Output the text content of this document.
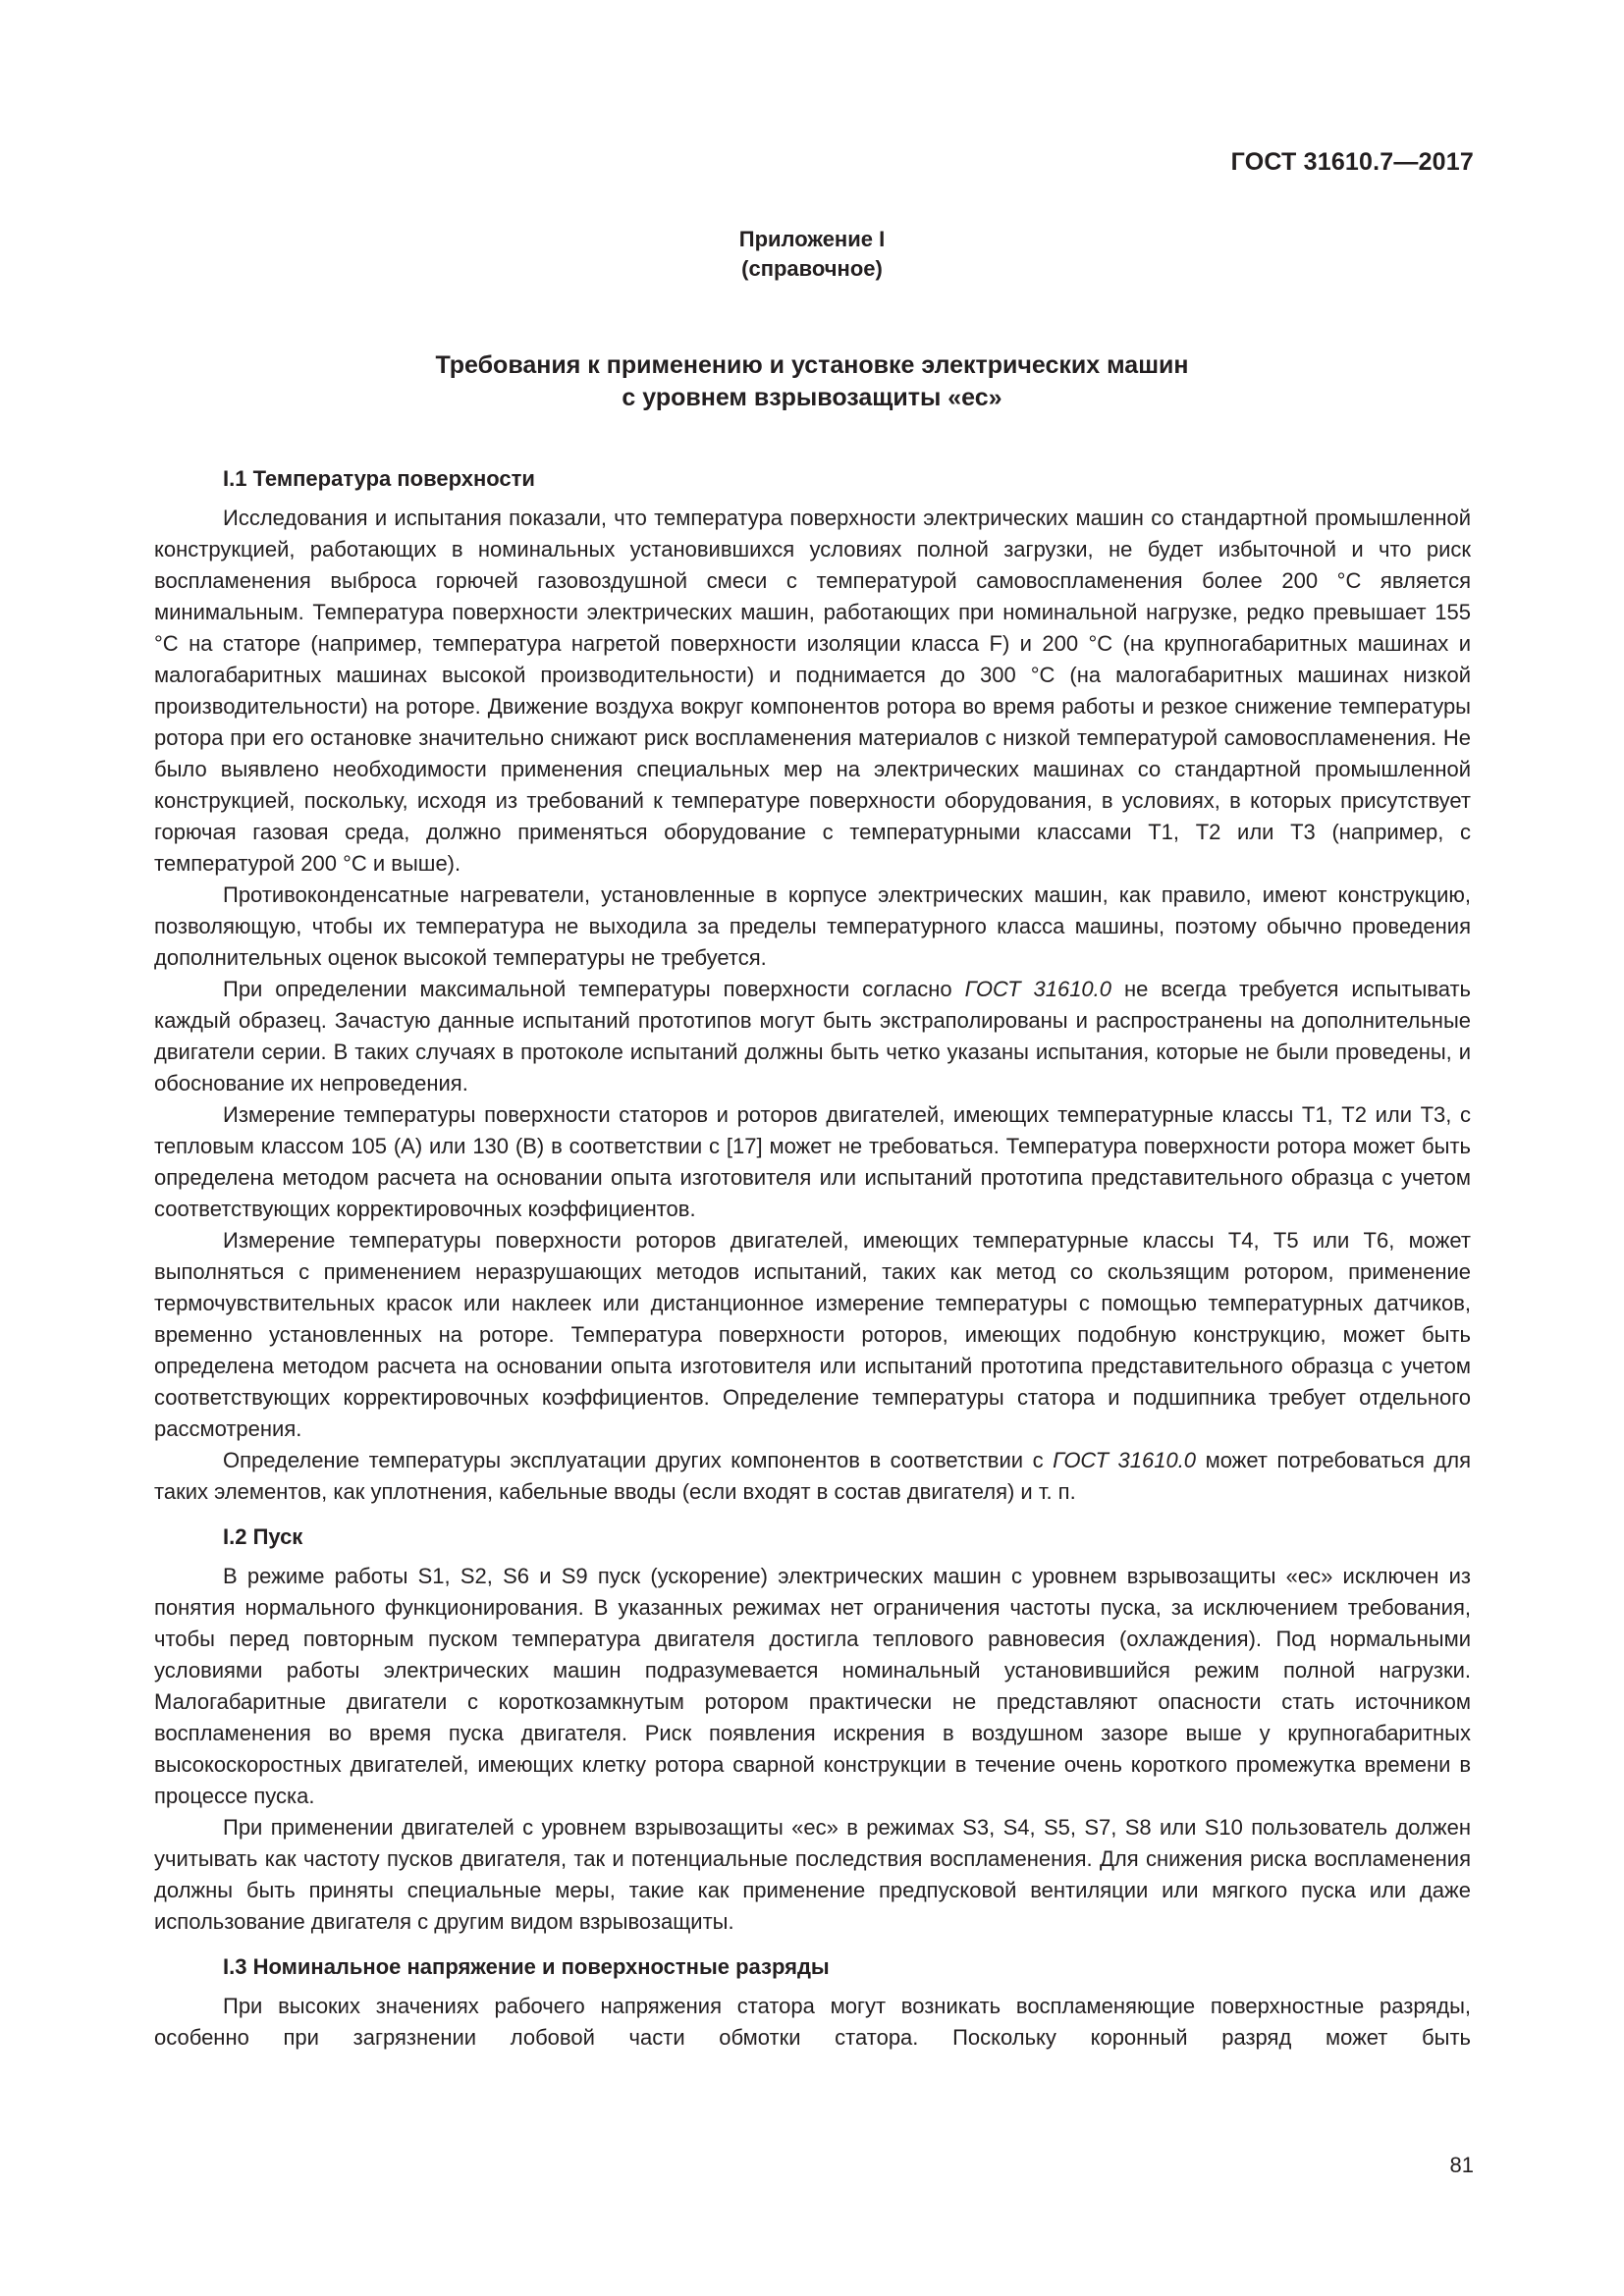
ГОСТ 31610.7—2017
Приложение I
(справочное)
Требования к применению и установке электрических машин
с уровнем взрывозащиты «ес»
I.1 Температура поверхности

Исследования и испытания показали, что температура поверхности электрических машин со стандартной промышленной конструкцией, работающих в номинальных установившихся условиях полной загрузки, не будет избыточной и что риск воспламенения выброса горючей газовоздушной смеси с температурой самовоспламенения более 200 °С является минимальным. Температура поверхности электрических машин, работающих при номинальной нагрузке, редко превышает 155 °С на статоре (например, температура нагретой поверхности изоляции класса F) и 200 °С (на крупногабаритных машинах и малогабаритных машинах высокой производительности) и поднимается до 300 °С (на малогабаритных машинах низкой производительности) на роторе. Движение воздуха вокруг компонентов ротора во время работы и резкое снижение температуры ротора при его остановке значительно снижают риск воспламенения материалов с низкой температурой самовоспламенения. Не было выявлено необходимости применения специальных мер на электрических машинах со стандартной промышленной конструкцией, поскольку, исходя из требований к температуре поверхности оборудования, в условиях, в которых присутствует горючая газовая среда, должно применяться оборудование с температурными классами Т1, Т2 или Т3 (например, с температурой 200 °С и выше).

Противоконденсатные нагреватели, установленные в корпусе электрических машин, как правило, имеют конструкцию, позволяющую, чтобы их температура не выходила за пределы температурного класса машины, поэтому обычно проведения дополнительных оценок высокой температуры не требуется.

При определении максимальной температуры поверхности согласно ГОСТ 31610.0 не всегда требуется испытывать каждый образец. Зачастую данные испытаний прототипов могут быть экстраполированы и распространены на дополнительные двигатели серии. В таких случаях в протоколе испытаний должны быть четко указаны испытания, которые не были проведены, и обоснование их непроведения.

Измерение температуры поверхности статоров и роторов двигателей, имеющих температурные классы Т1, Т2 или Т3, с тепловым классом 105 (А) или 130 (В) в соответствии с [17] может не требоваться. Температура поверхности ротора может быть определена методом расчета на основании опыта изготовителя или испытаний прототипа представительного образца с учетом соответствующих корректировочных коэффициентов.

Измерение температуры поверхности роторов двигателей, имеющих температурные классы Т4, Т5 или Т6, может выполняться с применением неразрушающих методов испытаний, таких как метод со скользящим ротором, применение термочувствительных красок или наклеек или дистанционное измерение температуры с помощью температурных датчиков, временно установленных на роторе. Температура поверхности роторов, имеющих подобную конструкцию, может быть определена методом расчета на основании опыта изготовителя или испытаний прототипа представительного образца с учетом соответствующих корректировочных коэффициентов. Определение температуры статора и подшипника требует отдельного рассмотрения.

Определение температуры эксплуатации других компонентов в соответствии с ГОСТ 31610.0 может потребоваться для таких элементов, как уплотнения, кабельные вводы (если входят в состав двигателя) и т. п.

I.2 Пуск

В режиме работы S1, S2, S6 и S9 пуск (ускорение) электрических машин с уровнем взрывозащиты «ес» исключен из понятия нормального функционирования. В указанных режимах нет ограничения частоты пуска, за исключением требования, чтобы перед повторным пуском температура двигателя достигла теплового равновесия (охлаждения). Под нормальными условиями работы электрических машин подразумевается номинальный установившийся режим полной нагрузки. Малогабаритные двигатели с короткозамкнутым ротором практически не представляют опасности стать источником воспламенения во время пуска двигателя. Риск появления искрения в воздушном зазоре выше у крупногабаритных высокоскоростных двигателей, имеющих клетку ротора сварной конструкции в течение очень короткого промежутка времени в процессе пуска.

При применении двигателей с уровнем взрывозащиты «ес» в режимах S3, S4, S5, S7, S8 или S10 пользователь должен учитывать как частоту пусков двигателя, так и потенциальные последствия воспламенения. Для снижения риска воспламенения должны быть приняты специальные меры, такие как применение предпусковой вентиляции или мягкого пуска или даже использование двигателя с другим видом взрывозащиты.

I.3 Номинальное напряжение и поверхностные разряды

При высоких значениях рабочего напряжения статора могут возникать воспламеняющие поверхностные разряды, особенно при загрязнении лобовой части обмотки статора. Поскольку коронный разряд может быть

81
